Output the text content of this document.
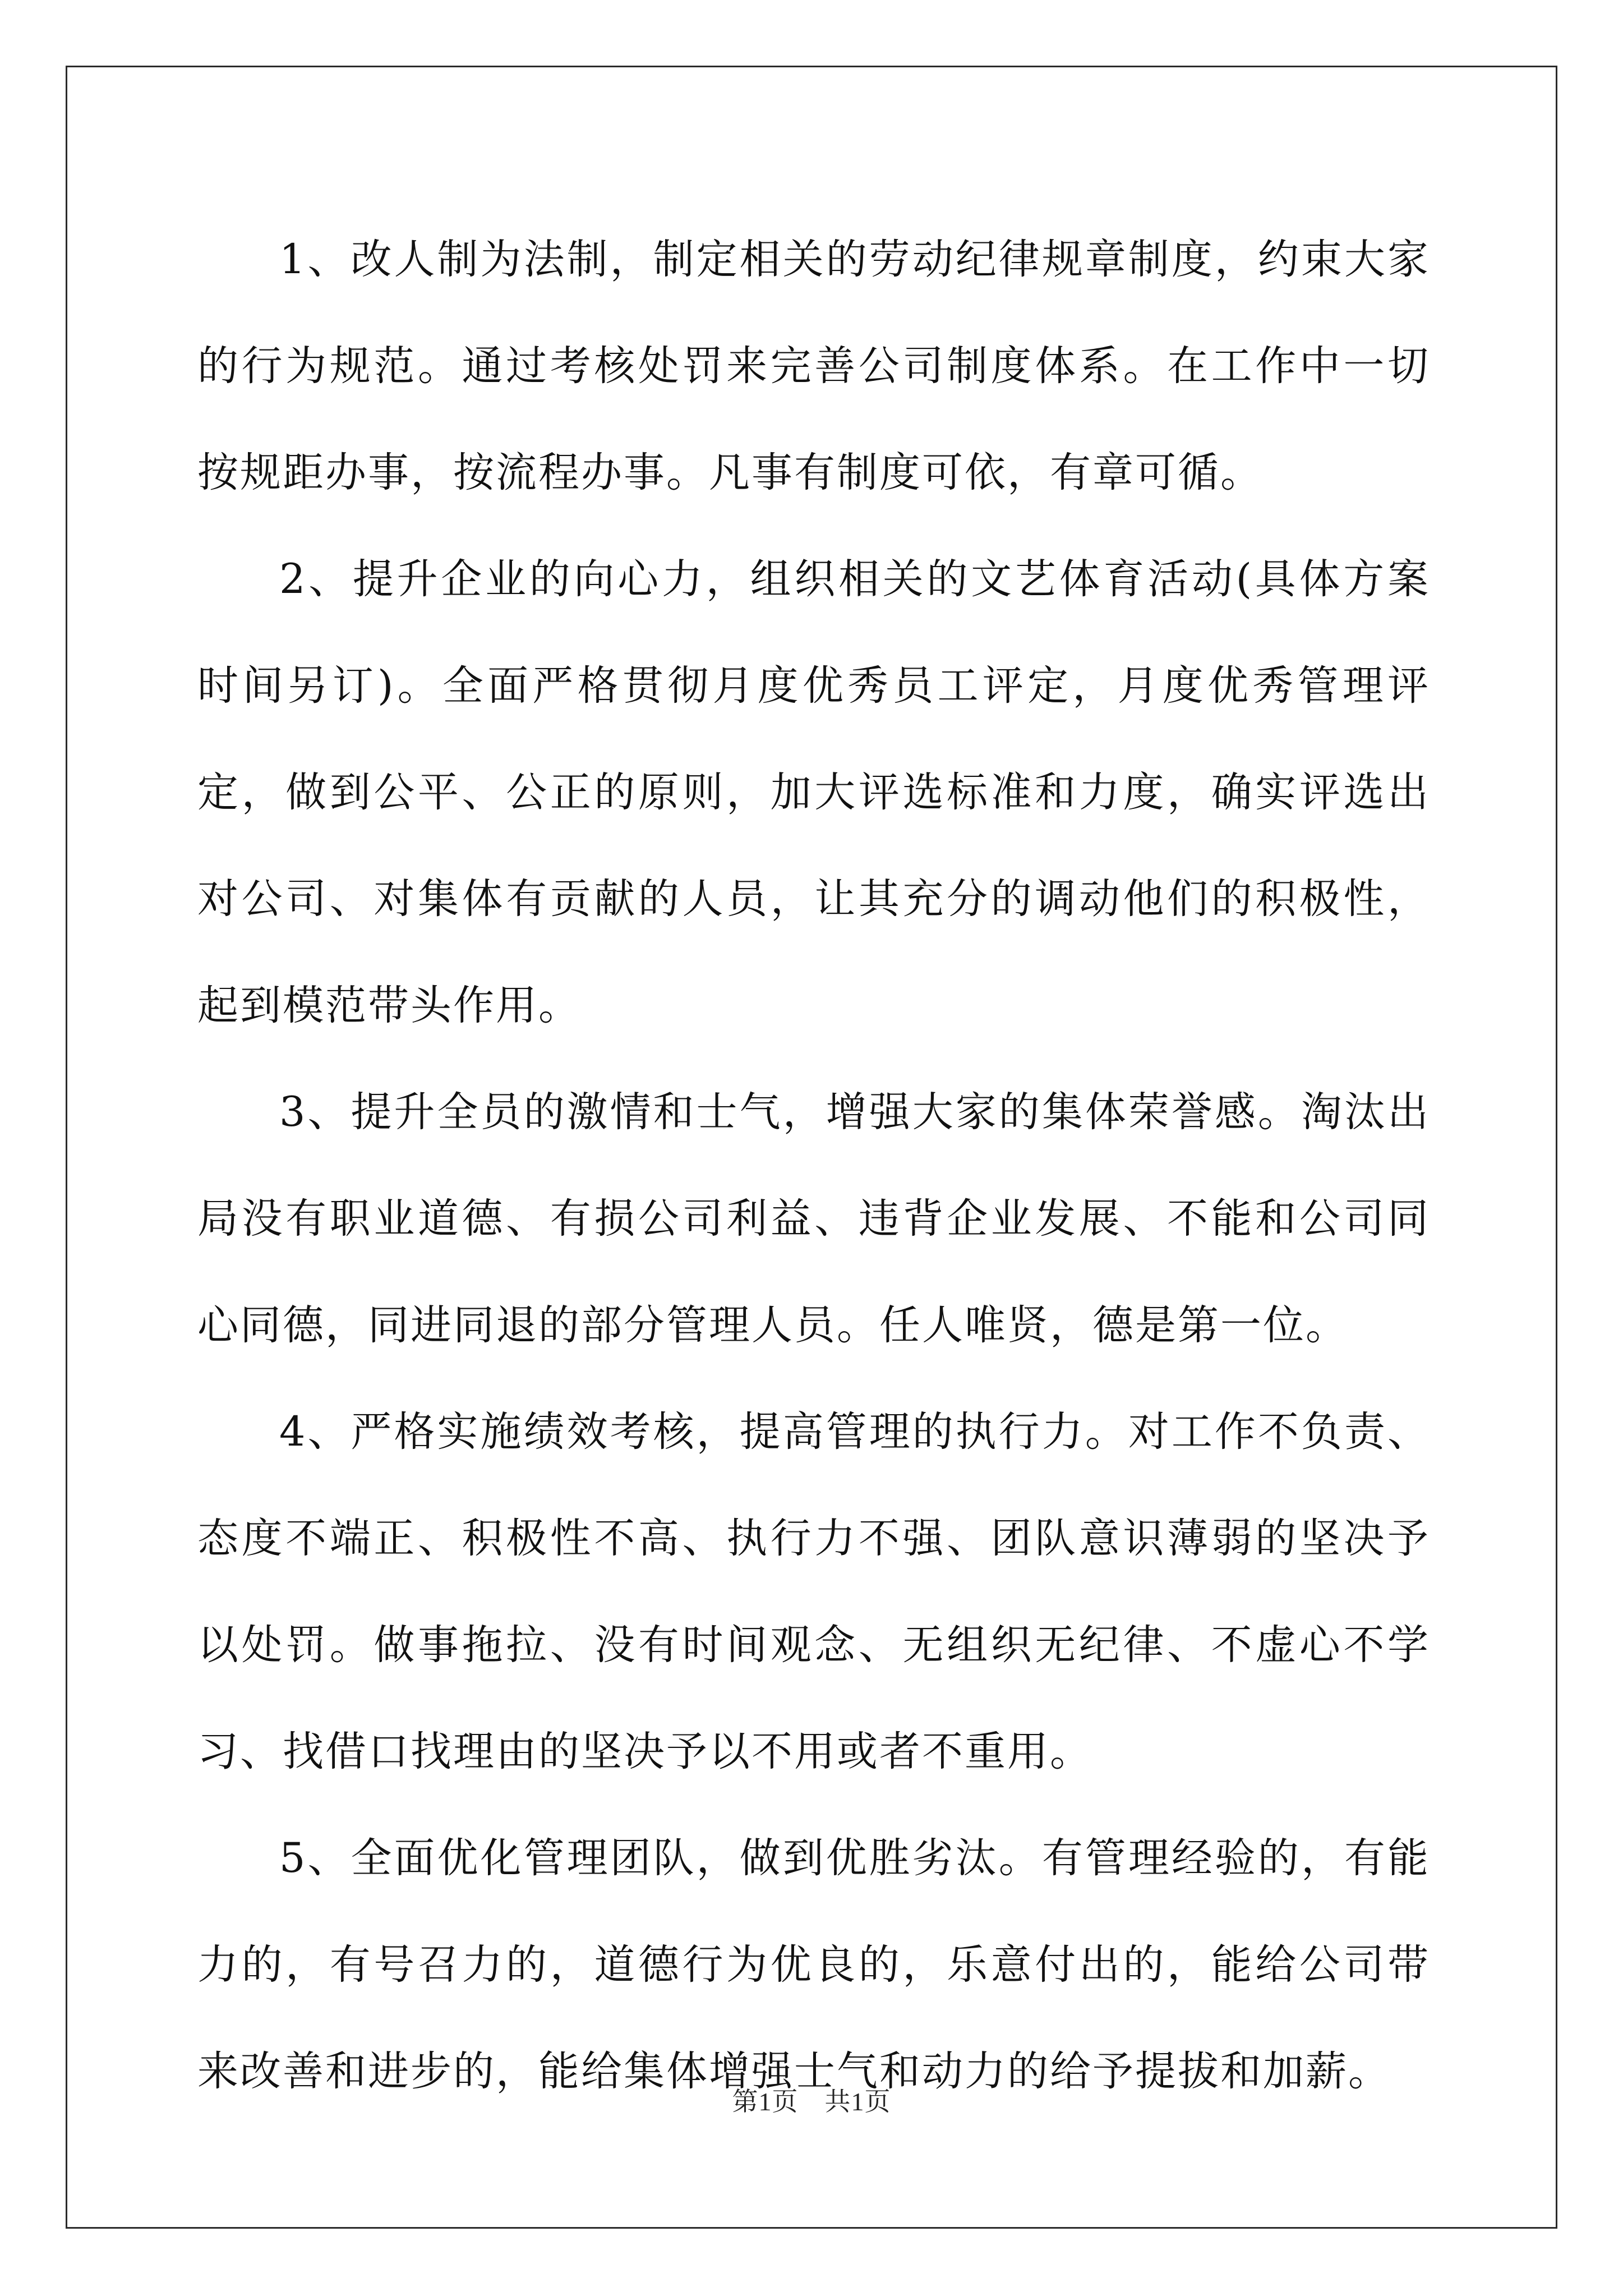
1、改人制为法制，制定相关的劳动纪律规章制度，约束大家的行为规范。通过考核处罚来完善公司制度体系。在工作中一切按规距办事，按流程办事。凡事有制度可依，有章可循。

2、提升企业的向心力，组织相关的文艺体育活动(具体方案时间另订)。全面严格贯彻月度优秀员工评定，月度优秀管理评定，做到公平、公正的原则，加大评选标准和力度，确实评选出对公司、对集体有贡献的人员，让其充分的调动他们的积极性，起到模范带头作用。

3、提升全员的激情和士气，增强大家的集体荣誉感。淘汰出局没有职业道德、有损公司利益、违背企业发展、不能和公司同心同德，同进同退的部分管理人员。任人唯贤，德是第一位。

4、严格实施绩效考核，提高管理的执行力。对工作不负责、态度不端正、积极性不高、执行力不强、团队意识薄弱的坚决予以处罚。做事拖拉、没有时间观念、无组织无纪律、不虚心不学习、找借口找理由的坚决予以不用或者不重用。

5、全面优化管理团队，做到优胜劣汰。有管理经验的，有能力的，有号召力的，道德行为优良的，乐意付出的，能给公司带来改善和进步的，能给集体增强士气和动力的给予提拔和加薪。

第1页　共1页
